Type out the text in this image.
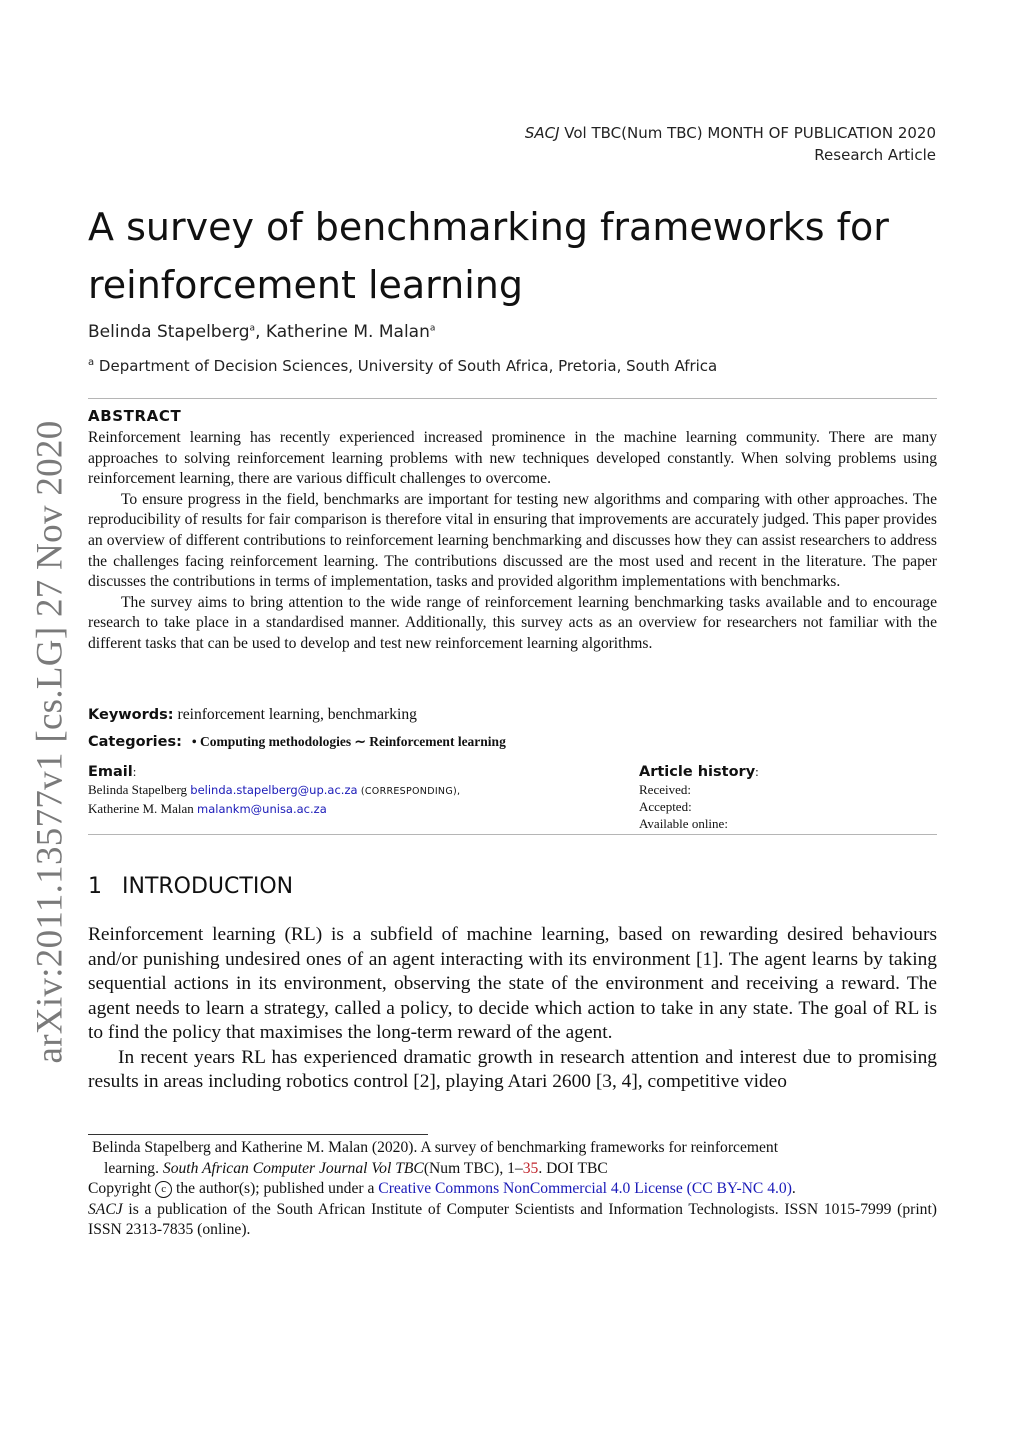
arXiv:2011.13577v1 [cs.LG] 27 Nov 2020
SACJ Vol TBC(Num TBC) MONTH OF PUBLICATION 2020
Research Article
A survey of benchmarking frameworks for reinforcement learning
Belinda Stapelberg$^a$, Katherine M. Malan$^a$
$^a$ Department of Decision Sciences, University of South Africa, Pretoria, South Africa
ABSTRACT

Reinforcement learning has recently experienced increased prominence in the machine learning community. There are many approaches to solving reinforcement learning problems with new techniques developed constantly. When solving problems using reinforcement learning, there are various difficult challenges to overcome.

To ensure progress in the field, benchmarks are important for testing new algorithms and comparing with other approaches. The reproducibility of results for fair comparison is therefore vital in ensuring that improvements are accurately judged. This paper provides an overview of different contributions to reinforcement learning benchmarking and discusses how they can assist researchers to address the challenges facing reinforcement learning. The contributions discussed are the most used and recent in the literature. The paper discusses the contributions in terms of implementation, tasks and provided algorithm implementations with benchmarks.

The survey aims to bring attention to the wide range of reinforcement learning benchmarking tasks available and to encourage research to take place in a standardised manner. Additionally, this survey acts as an overview for researchers not familiar with the different tasks that can be used to develop and test new reinforcement learning algorithms.

Keywords: reinforcement learning, benchmarking
Categories: • Computing methodologies ∼ Reinforcement learning
Email:
Belinda Stapelberg belinda.stapelberg@up.ac.za (CORRESPONDING),
Katherine M. Malan malankm@unisa.ac.za
Article history:
Received:
Accepted:
Available online:
1 INTRODUCTION

Reinforcement learning (RL) is a subfield of machine learning, based on rewarding desired behaviours and/or punishing undesired ones of an agent interacting with its environment [1]. The agent learns by taking sequential actions in its environment, observing the state of the environment and receiving a reward. The agent needs to learn a strategy, called a policy, to decide which action to take in any state. The goal of RL is to find the policy that maximises the long-term reward of the agent.

In recent years RL has experienced dramatic growth in research attention and interest due to promising results in areas including robotics control [2], playing Atari 2600 [3, 4], competitive video

Belinda Stapelberg and Katherine M. Malan (2020). A survey of benchmarking frameworks for reinforcement
learning. South African Computer Journal Vol TBC(Num TBC), 1–35. DOI TBC

Copyright c the author(s); published under a Creative Commons NonCommercial 4.0 License (CC BY-NC 4.0).
SACJ is a publication of the South African Institute of Computer Scientists and Information Technologists. ISSN 1015-7999 (print) ISSN 2313-7835 (online).
